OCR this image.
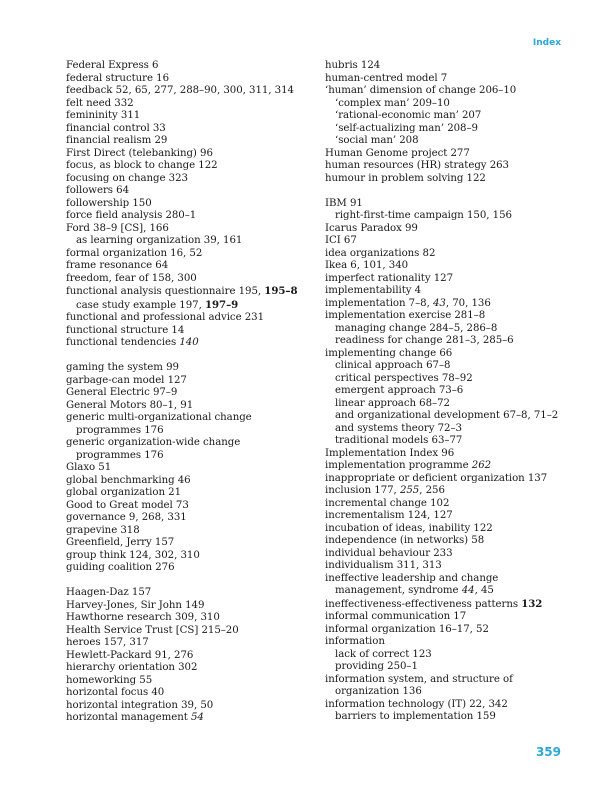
Index
Federal Express 6
federal structure 16
feedback 52, 65, 277, 288–90, 300, 311, 314
felt need 332
femininity 311
financial control 33
financial realism 29
First Direct (telebanking) 96
focus, as block to change 122
focusing on change 323
followers 64
followership 150
force field analysis 280–1
Ford 38–9 [CS], 166
as learning organization 39, 161
formal organization 16, 52
frame resonance 64
freedom, fear of 158, 300
functional analysis questionnaire 195, 195–8
case study example 197, 197–9
functional and professional advice 231
functional structure 14
functional tendencies 140
gaming the system 99
garbage-can model 127
General Electric 97–9
General Motors 80–1, 91
generic multi-organizational change
programmes 176
generic organization-wide change
programmes 176
Glaxo 51
global benchmarking 46
global organization 21
Good to Great model 73
governance 9, 268, 331
grapevine 318
Greenfield, Jerry 157
group think 124, 302, 310
guiding coalition 276
Haagen-Daz 157
Harvey-Jones, Sir John 149
Hawthorne research 309, 310
Health Service Trust [CS] 215–20
heroes 157, 317
Hewlett-Packard 91, 276
hierarchy orientation 302
homeworking 55
horizontal focus 40
horizontal integration 39, 50
horizontal management 54
hubris 124
human-centred model 7
‘human’ dimension of change 206–10
‘complex man’ 209–10
‘rational-economic man’ 207
‘self-actualizing man’ 208–9
‘social man’ 208
Human Genome project 277
human resources (HR) strategy 263
humour in problem solving 122
IBM 91
right-first-time campaign 150, 156
Icarus Paradox 99
ICI 67
idea organizations 82
Ikea 6, 101, 340
imperfect rationality 127
implementability 4
implementation 7–8, 43, 70, 136
implementation exercise 281–8
managing change 284–5, 286–8
readiness for change 281–3, 285–6
implementing change 66
clinical approach 67–8
critical perspectives 78–92
emergent approach 73–6
linear approach 68–72
and organizational development 67–8, 71–2
and systems theory 72–3
traditional models 63–77
Implementation Index 96
implementation programme 262
inappropriate or deficient organization 137
inclusion 177, 255, 256
incremental change 102
incrementalism 124, 127
incubation of ideas, inability 122
independence (in networks) 58
individual behaviour 233
individualism 311, 313
ineffective leadership and change
management, syndrome 44, 45
ineffectiveness-effectiveness patterns 132
informal communication 17
informal organization 16–17, 52
information
lack of correct 123
providing 250–1
information system, and structure of
organization 136
information technology (IT) 22, 342
barriers to implementation 159
359
